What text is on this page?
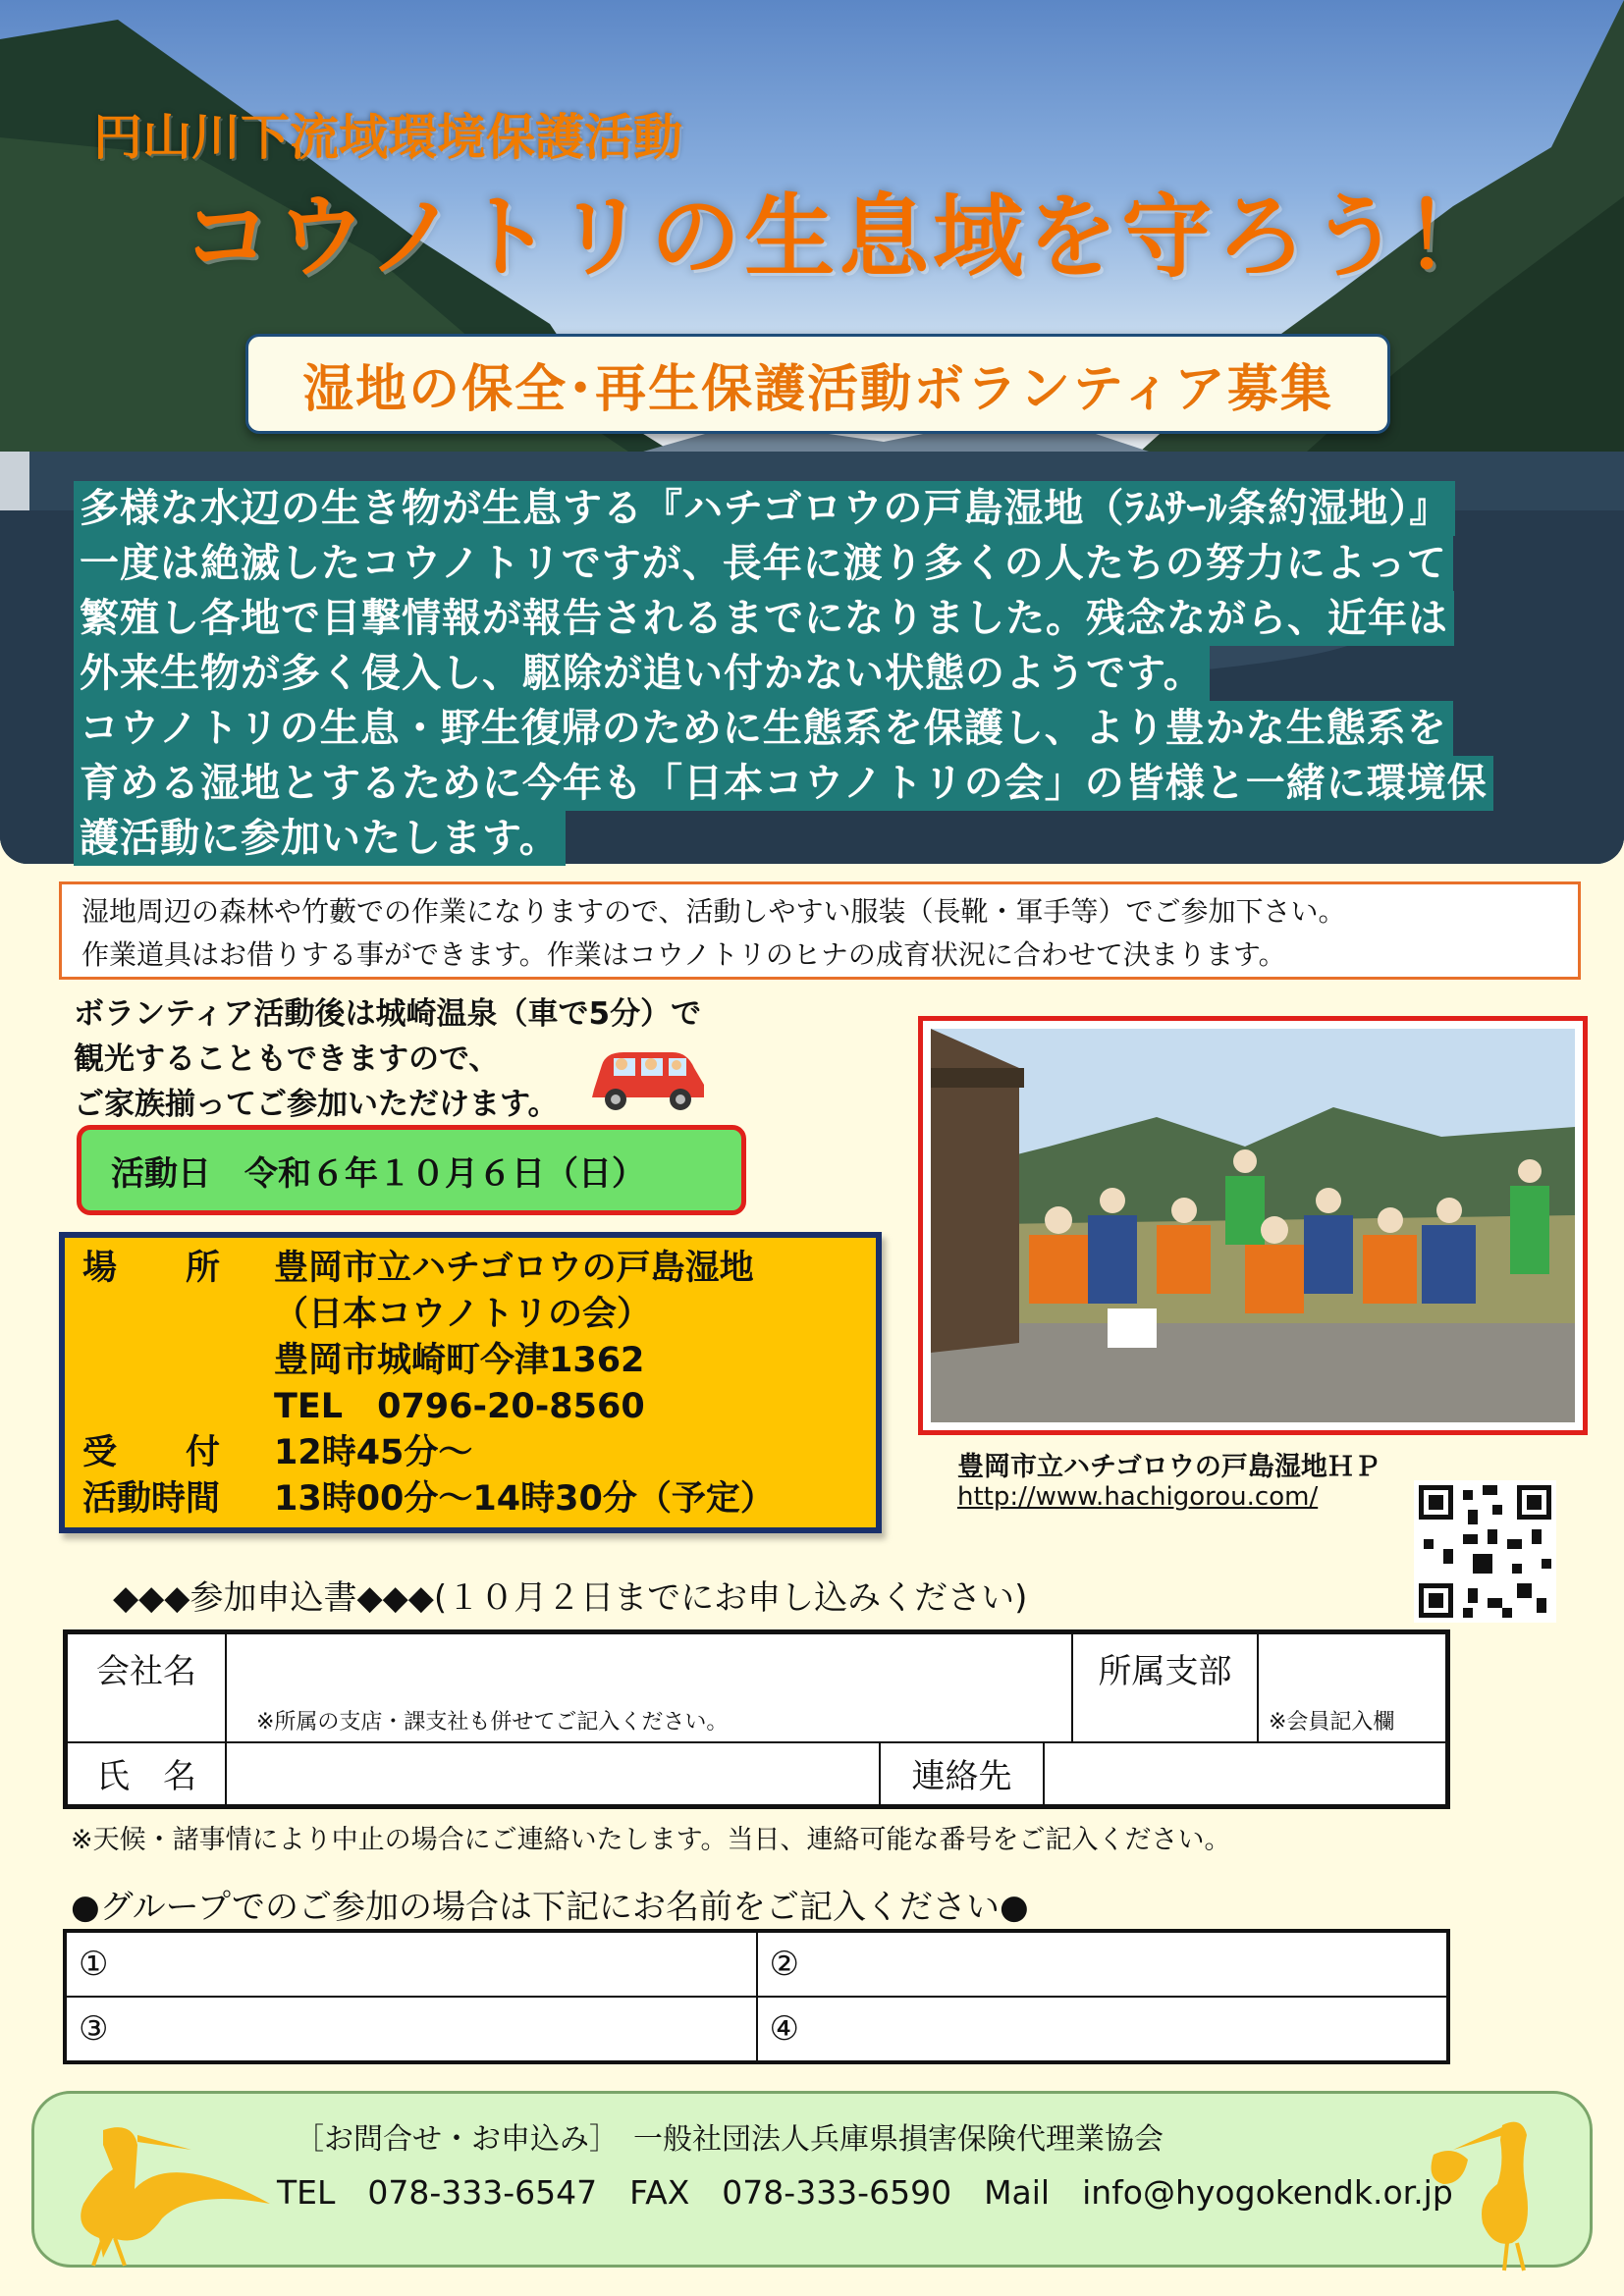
円山川下流域環境保護活動
コウノトリの生息域を守ろう！
湿地の保全･再生保護活動ボランティア募集
多様な水辺の生き物が生息する『ハチゴロウの戸島湿地（ﾗﾑｻｰﾙ条約湿地）』
一度は絶滅したコウノトリですが、長年に渡り多くの人たちの努力によって
繁殖し各地で目撃情報が報告されるまでになりました。残念ながら、近年は
外来生物が多く侵入し、駆除が追い付かない状態のようです。
コウノトリの生息・野生復帰のために生態系を保護し、より豊かな生態系を
育める湿地とするために今年も「日本コウノトリの会」の皆様と一緒に環境保
護活動に参加いたします。
湿地周辺の森林や竹藪での作業になりますので、活動しやすい服装（長靴・軍手等）でご参加下さい。
作業道具はお借りする事ができます。作業はコウノトリのヒナの成育状況に合わせて決まります。
ボランティア活動後は城崎温泉（車で5分）で
観光することもできますので、
ご家族揃ってご参加いただけます。
活動日　令和６年１０月６日（日）
場　　所	豊岡市立ハチゴロウの戸島湿地
（日本コウノトリの会）
豊岡市城崎町今津1362
TEL　0796-20-8560
受　　付	12時45分～
活動時間	13時00分～14時30分（予定）
豊岡市立ハチゴロウの戸島湿地ＨＰ
http://www.hachigorou.com/
◆◆◆参加申込書◆◆◆(１０月２日までにお申し込みください)
会社名	※所属の支店・課支社も併せてご記入ください。	所属支部	※会員記入欄
氏　名	連絡先		
※天候・諸事情により中止の場合にご連絡いたします。当日、連絡可能な番号をご記入ください。
●グループでのご参加の場合は下記にお名前をご記入ください●
①	②
③	④
［お問合せ・お申込み］　一般社団法人兵庫県損害保険代理業協会
TEL　078-333-6547　FAX　078-333-6590　Mail　info@hyogokendk.or.jp
